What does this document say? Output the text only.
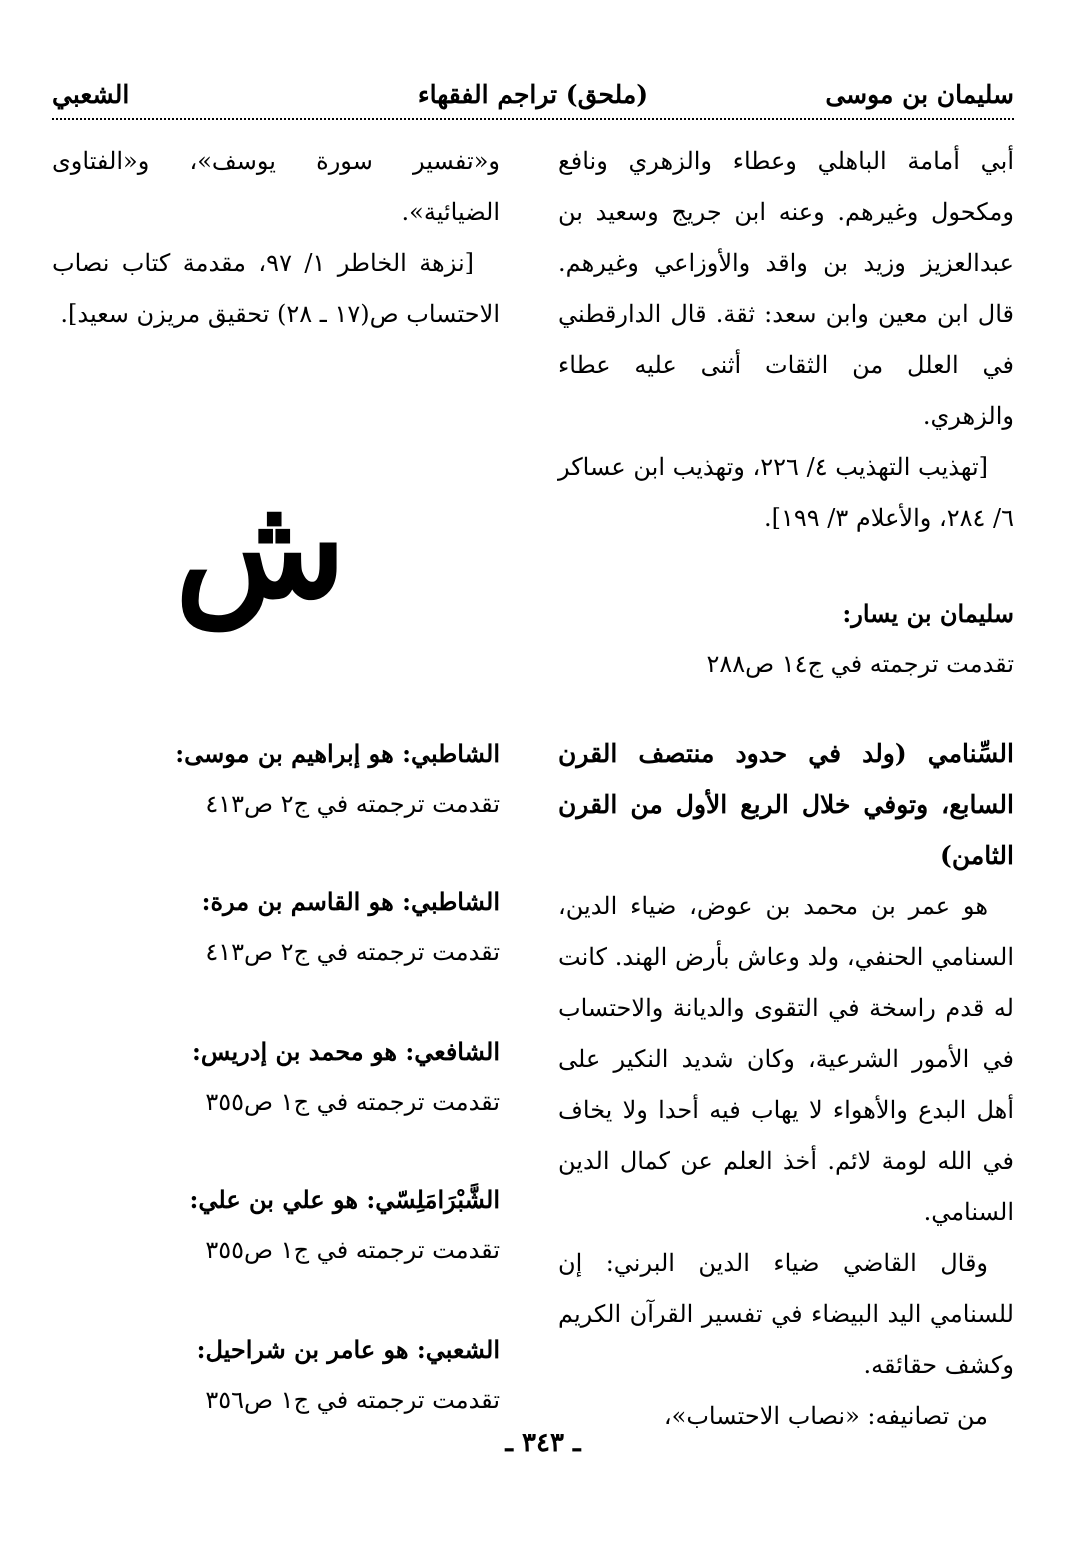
سليمان بن موسى
(ملحق) تراجم الفقهاء
الشعبي

أبي أمامة الباهلي وعطاء والزهري ونافع ومكحول وغيرهم. وعنه ابن جريج وسعيد بن عبدالعزيز وزيد بن واقد والأوزاعي وغيرهم. قال ابن معين وابن سعد: ثقة. قال الدارقطني في العلل من الثقات أثنى عليه عطاء والزهري.

[تهذيب التهذيب ٤/ ٢٢٦، وتهذيب ابن عساكر ٦/ ٢٨٤، والأعلام ٣/ ١٩٩].

و«تفسير سورة يوسف»، و«الفتاوى الضيائية».

[نزهة الخاطر ١/ ٩٧، مقدمة كتاب نصاب الاحتساب ص(١٧ ـ ٢٨) تحقيق مريزن سعيد].

ش	سليمان بن يسار:
تقدمت ترجمته في ج١٤ ص٢٨٨
السِّنامي (ولد في حدود منتصف القرن السابع، وتوفي خلال الربع الأول من القرن الثامن)

هو عمر بن محمد بن عوض، ضياء الدين، السنامي الحنفي، ولد وعاش بأرض الهند. كانت له قدم راسخة في التقوى والديانة والاحتساب في الأمور الشرعية، وكان شديد النكير على أهل البدع والأهواء لا يهاب فيه أحدا ولا يخاف في الله لومة لائم. أخذ العلم عن كمال الدين السنامي.

وقال القاضي ضياء الدين البرني: إن للسنامي اليد البيضاء في تفسير القرآن الكريم وكشف حقائقه.

من تصانيفه: «نصاب الاحتساب»،

الشاطبي: هو إبراهيم بن موسى:
تقدمت ترجمته في ج٢ ص٤١٣
الشاطبي: هو القاسم بن مرة:
تقدمت ترجمته في ج٢ ص٤١٣
الشافعي: هو محمد بن إدريس:
تقدمت ترجمته في ج١ ص٣٥٥
الشَّبْرَامَلِسّي: هو علي بن علي:
تقدمت ترجمته في ج١ ص٣٥٥
الشعبي: هو عامر بن شراحيل:
تقدمت ترجمته في ج١ ص٣٥٦
ـ ٣٤٣ ـ
